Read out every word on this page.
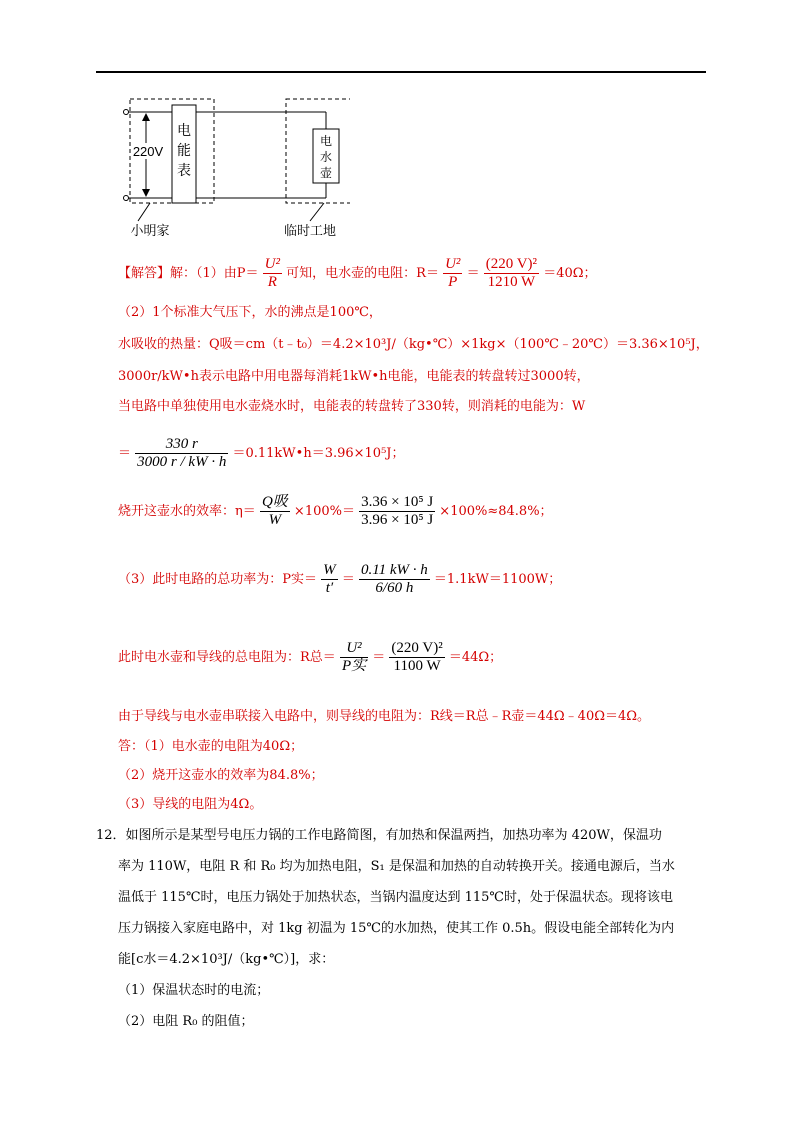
220V
电
能
表
电
水
壶
小明家	临时工地
【解答】解：（1）由$P= \frac{\text{U²}}{R}$ 可知，电水壶的电阻：$R= \frac{\text{U²}}{P} = \frac{\text{(220 V)²}}{1210 W} =40\Omega$；
（2）1个标准大气压下，水的沸点是100℃，
水吸收的热量：Q吸＝cm（t﹣t₀）＝4.2×10³J/（kg•℃）×1kg×（100℃﹣20℃）＝3.36×10⁵J，
3000r/kW•h表示电路中用电器每消耗1kW•h电能，电能表的转盘转过3000转，
当电路中单独使用电水壶烧水时，电能表的转盘转了330转，则消耗的电能为：W
＝ $\frac{330 r}{3000 r / kW \cdot h}$ ＝0.11kW•h＝3.96×10⁵J；
烧开这壶水的效率：$\eta= \frac{\text{Q吸}}{W} \times 100\%= \frac{\text{3.36 × 10⁵ J}}{\text{3.96 × 10⁵ J}} \times 100\%\approx 84.8\%$；
（3）此时电路的总功率为：P实＝ $\frac{W}{t'} = \frac{0.11 kW \cdot h}{6/60 h} =1.1kW=1100W$；
此时电水壶和导线的总电阻为：R总＝ $\frac{\text{U²}}{\text{P实}} = \frac{\text{(220 V)²}}{1100 W} =44\Omega$；
由于导线与电水壶串联接入电路中，则导线的电阻为：R线＝R总﹣R壶＝44Ω﹣40Ω＝4Ω。
答：（1）电水壶的电阻为40Ω；
（2）烧开这壶水的效率为84.8%；
（3）导线的电阻为4Ω。
12．如图所示是某型号电压力锅的工作电路简图，有加热和保温两挡，加热功率为 420W，保温功
率为 110W，电阻 R 和 R₀ 均为加热电阻，S₁ 是保温和加热的自动转换开关。接通电源后，当水
温低于 115℃时，电压力锅处于加热状态，当锅内温度达到 115℃时，处于保温状态。现将该电
压力锅接入家庭电路中，对 1kg 初温为 15℃的水加热，使其工作 0.5h。假设电能全部转化为内
能[c水＝4.2×10³J/（kg•℃）]，求：
（1）保温状态时的电流；
（2）电阻 R₀ 的阻值；
